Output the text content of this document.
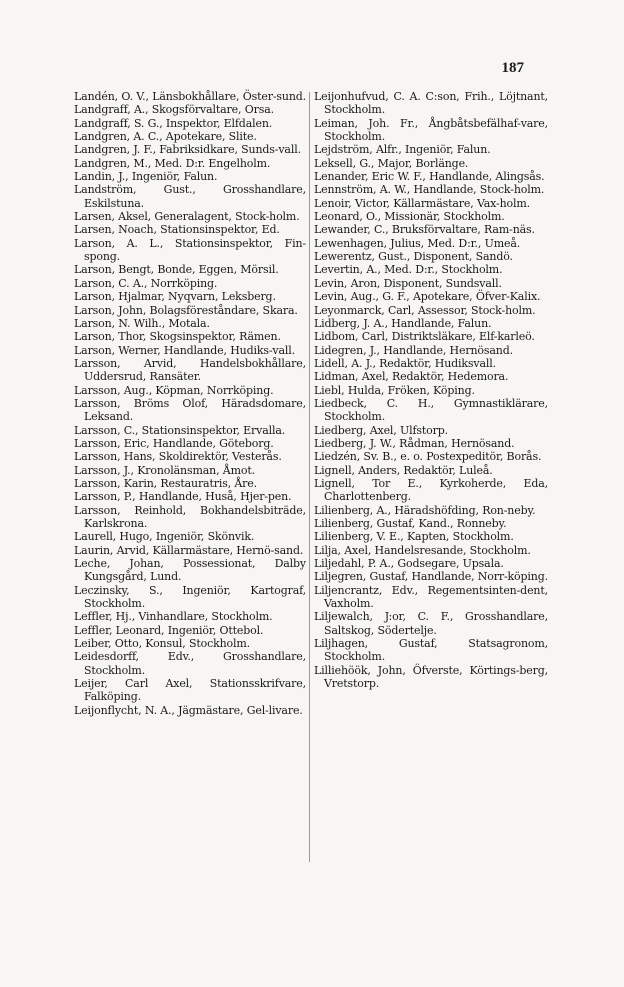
187

Landén, O. V., Länsbokhållare, Öster-sund.

Landgraff, A., Skogsförvaltare, Orsa.

Landgraff, S. G., Inspektor, Elfdalen.

Landgren, A. C., Apotekare, Slite.

Landgren, J. F., Fabriksidkare, Sunds-vall.

Landgren, M., Med. D:r. Engelholm.

Landin, J., Ingeniör, Falun.

Landström, Gust., Grosshandlare, Eskilstuna.

Larsen, Aksel, Generalagent, Stock-holm.

Larsen, Noach, Stationsinspektor, Ed.

Larson, A. L., Stationsinspektor, Fin-spong.

Larson, Bengt, Bonde, Eggen, Mörsil.

Larson, C. A., Norrköping.

Larson, Hjalmar, Nyqvarn, Leksberg.

Larson, John, Bolagsföreståndare, Skara.

Larson, N. Wilh., Motala.

Larson, Thor, Skogsinspektor, Rämen.

Larson, Werner, Handlande, Hudiks-vall.

Larsson, Arvid, Handelsbokhållare, Uddersrud, Ransäter.

Larsson, Aug., Köpman, Norrköping.

Larsson, Bröms Olof, Häradsdomare, Leksand.

Larsson, C., Stationsinspektor, Ervalla.

Larsson, Eric, Handlande, Göteborg.

Larsson, Hans, Skoldirektör, Vesterås.

Larsson, J., Kronolänsman, Åmot.

Larsson, Karin, Restauratris, Åre.

Larsson, P., Handlande, Huså, Hjer-pen.

Larsson, Reinhold, Bokhandelsbiträde, Karlskrona.

Laurell, Hugo, Ingeniör, Skönvik.

Laurin, Arvid, Källarmästare, Hernö-sand.

Leche, Johan, Possessionat, Dalby Kungsgård, Lund.

Leczinsky, S., Ingeniör, Kartograf, Stockholm.

Leffler, Hj., Vinhandlare, Stockholm.

Leffler, Leonard, Ingeniör, Ottebol.

Leiber, Otto, Konsul, Stockholm.

Leidesdorff, Edv., Grosshandlare, Stockholm.

Leijer, Carl Axel, Stationsskrifvare, Falköping.

Leijonflycht, N. A., Jägmästare, Gel-livare.

Leijonhufvud, C. A. C:son, Frih., Löjtnant, Stockholm.

Leiman, Joh. Fr., Ångbåtsbefälhaf-vare, Stockholm.

Lejdström, Alfr., Ingeniör, Falun.

Leksell, G., Major, Borlänge.

Lenander, Eric W. F., Handlande, Alingsås.

Lennström, A. W., Handlande, Stock-holm.

Lenoir, Victor, Källarmästare, Vax-holm.

Leonard, O., Missionär, Stockholm.

Lewander, C., Bruksförvaltare, Ram-näs.

Lewenhagen, Julius, Med. D:r., Umeå.

Lewerentz, Gust., Disponent, Sandö.

Levertin, A., Med. D:r., Stockholm.

Levin, Aron, Disponent, Sundsvall.

Levin, Aug., G. F., Apotekare, Öfver-Kalix.

Leyonmarck, Carl, Assessor, Stock-holm.

Lidberg, J. A., Handlande, Falun.

Lidbom, Carl, Distriktsläkare, Elf-karleö.

Lidegren, J., Handlande, Hernösand.

Lidell, A. J., Redaktör, Hudiksvall.

Lidman, Axel, Redaktör, Hedemora.

Liebl, Hulda, Fröken, Köping.

Liedbeck, C. H., Gymnastiklärare, Stockholm.

Liedberg, Axel, Ulfstorp.

Liedberg, J. W., Rådman, Hernösand.

Liedzén, Sv. B., e. o. Postexpeditör, Borås.

Lignell, Anders, Redaktör, Luleå.

Lignell, Tor E., Kyrkoherde, Eda, Charlottenberg.

Lilienberg, A., Häradshöfding, Ron-neby.

Lilienberg, Gustaf, Kand., Ronneby.

Lilienberg, V. E., Kapten, Stockholm.

Lilja, Axel, Handelsresande, Stockholm.

Liljedahl, P. A., Godsegare, Upsala.

Liljegren, Gustaf, Handlande, Norr-köping.

Liljencrantz, Edv., Regementsinten-dent, Vaxholm.

Liljewalch, J:or, C. F., Grosshandlare, Saltskog, Södertelje.

Liljhagen, Gustaf, Statsagronom, Stockholm.

Lilliehöök, John, Öfverste, Körtings-berg, Vretstorp.
